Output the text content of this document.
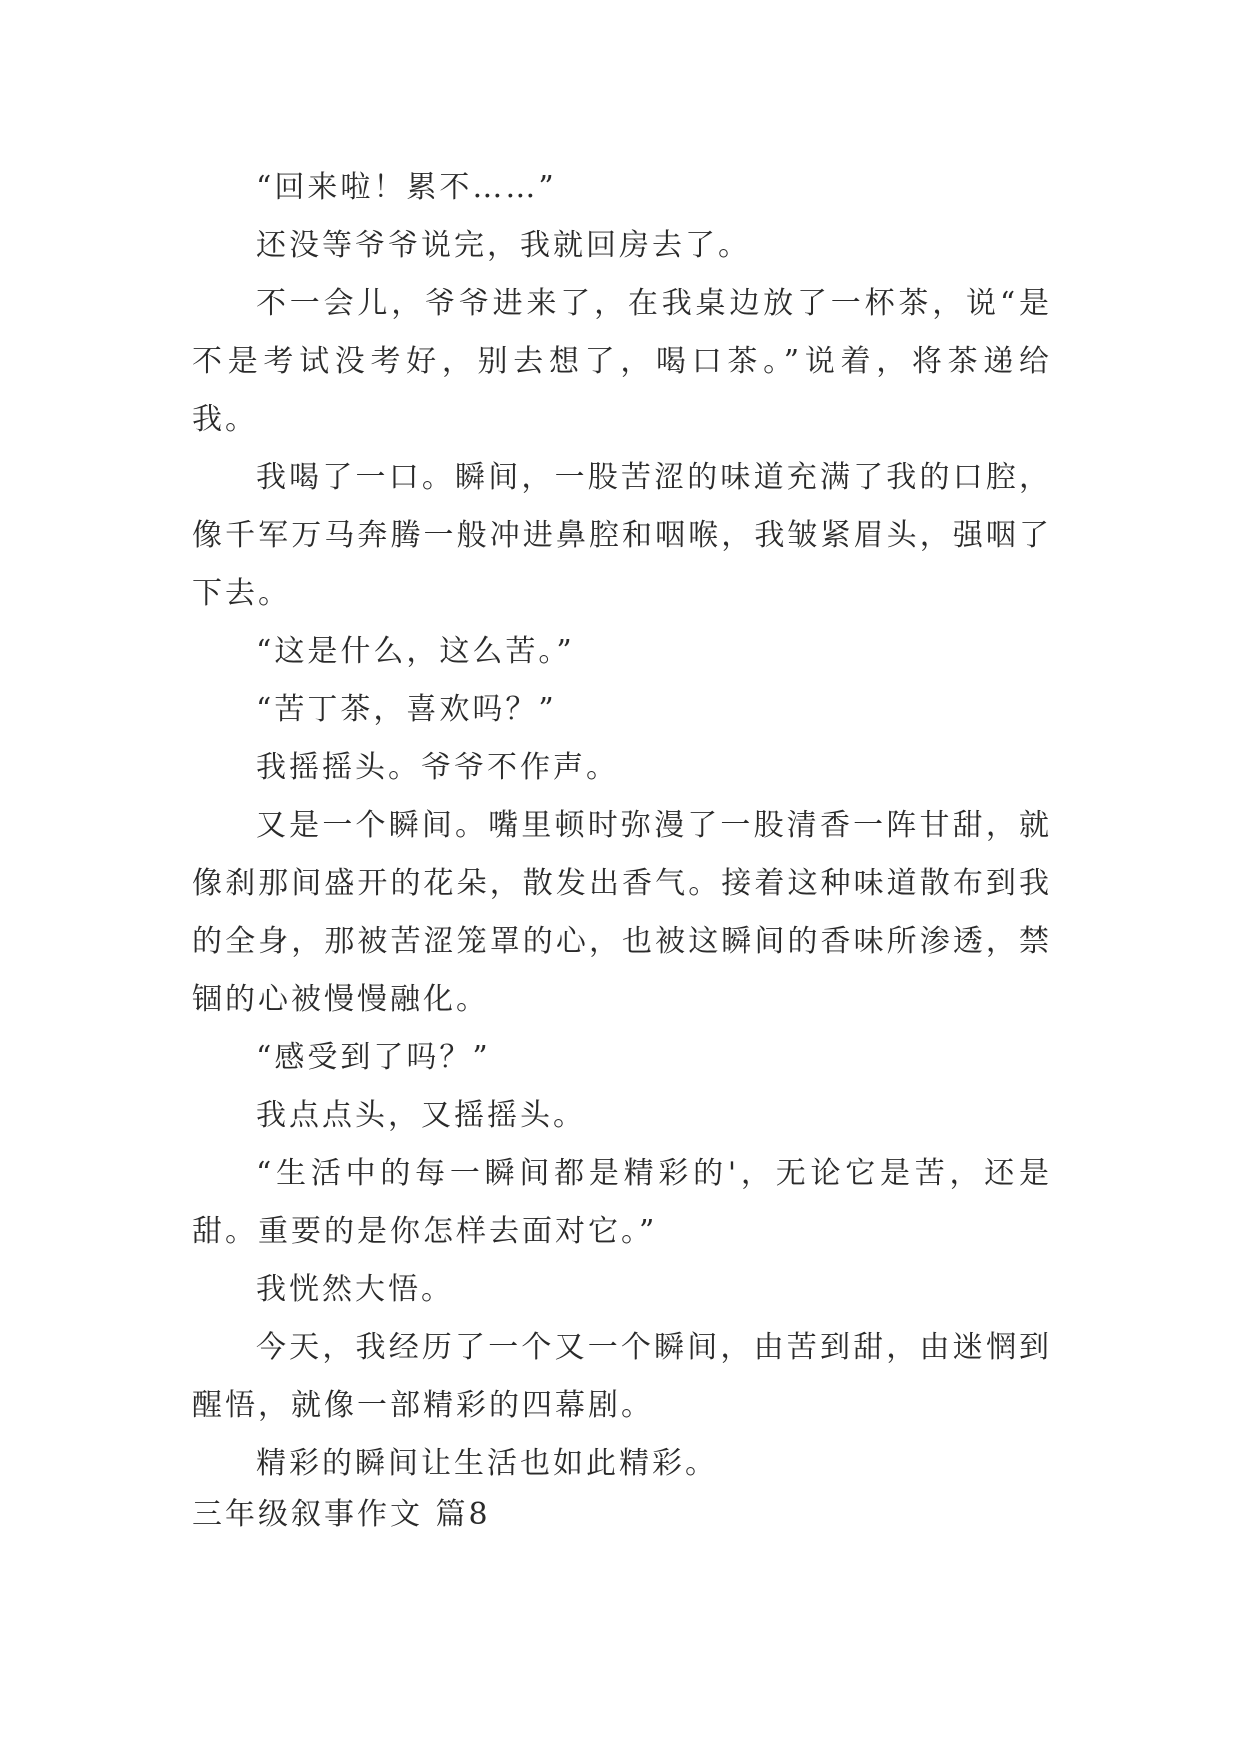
“回来啦！累不……”

还没等爷爷说完，我就回房去了。

不一会儿，爷爷进来了，在我桌边放了一杯茶，说“是不是考试没考好，别去想了，喝口茶。”说着，将茶递给我。

我喝了一口。瞬间，一股苦涩的味道充满了我的口腔，像千军万马奔腾一般冲进鼻腔和咽喉，我皱紧眉头，强咽了下去。

“这是什么，这么苦。”

“苦丁茶，喜欢吗？”

我摇摇头。爷爷不作声。

又是一个瞬间。嘴里顿时弥漫了一股清香一阵甘甜，就像刹那间盛开的花朵，散发出香气。接着这种味道散布到我的全身，那被苦涩笼罩的心，也被这瞬间的香味所渗透，禁锢的心被慢慢融化。

“感受到了吗？”

我点点头，又摇摇头。

“生活中的每一瞬间都是精彩的'，无论它是苦，还是甜。重要的是你怎样去面对它。”

我恍然大悟。

今天，我经历了一个又一个瞬间，由苦到甜，由迷惘到醒悟，就像一部精彩的四幕剧。

精彩的瞬间让生活也如此精彩。

三年级叙事作文 篇8
